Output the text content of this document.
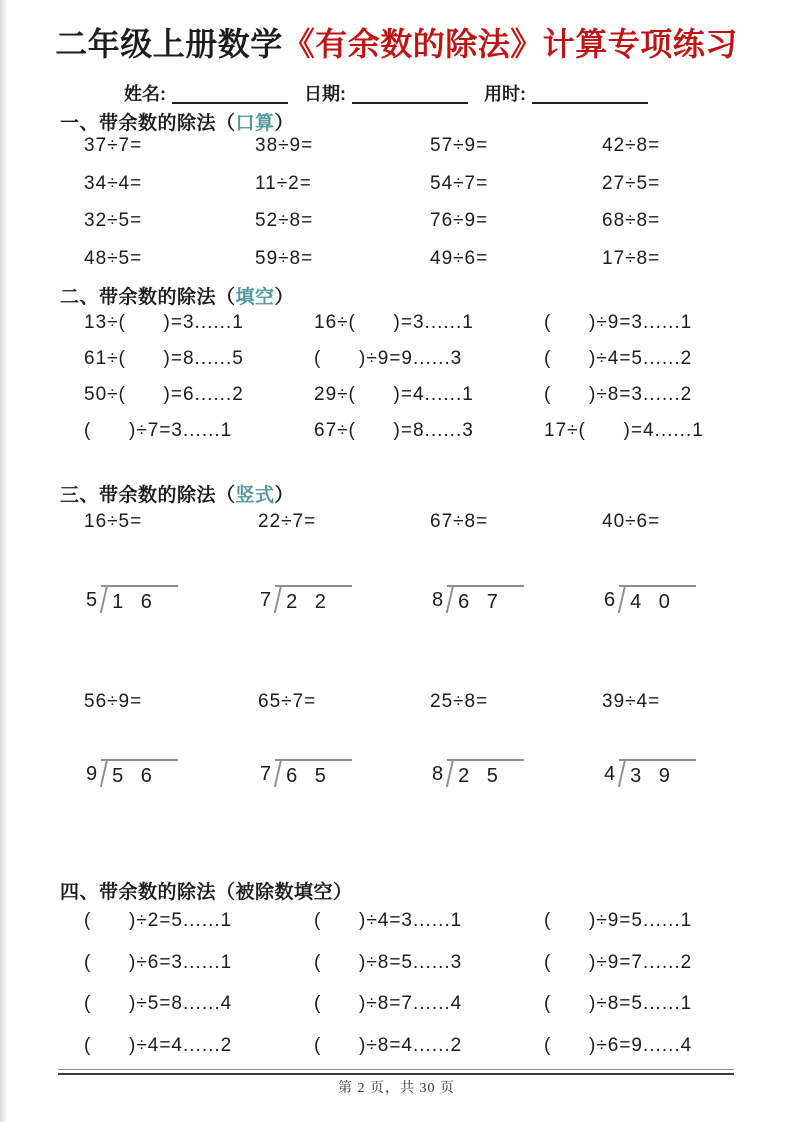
二年级上册数学《有余数的除法》计算专项练习
姓名:	日期:	用时:
一、带余数的除法（口算）
37÷7=	38÷9=	57÷9=	42÷8=
34÷4=	11÷2=	54÷7=	27÷5=
32÷5=	52÷8=	76÷9=	68÷8=
48÷5=	59÷8=	49÷6=	17÷8=
二、带余数的除法（填空）
13÷(      )=3......1	16÷(      )=3......1	(      )÷9=3......1
61÷(      )=8......5	(      )÷9=9......3	(      )÷4=5......2
50÷(      )=6......2	29÷(      )=4......1	(      )÷8=3......2
(      )÷7=3......1	67÷(      )=8......3	17÷(      )=4......1
三、带余数的除法（竖式）
16÷5=	22÷7=	67÷8=	40÷6=
5 1 6	7 2 2	8 6 7	6 4 0
56÷9=	65÷7=	25÷8=	39÷4=
9 5 6	7 6 5	8 2 5	4 3 9
四、带余数的除法（被除数填空）
(      )÷2=5......1	(      )÷4=3......1	(      )÷9=5......1
(      )÷6=3......1	(      )÷8=5......3	(      )÷9=7......2
(      )÷5=8......4	(      )÷8=7......4	(      )÷8=5......1
(      )÷4=4......2	(      )÷8=4......2	(      )÷6=9......4
第 2 页，共 30 页
